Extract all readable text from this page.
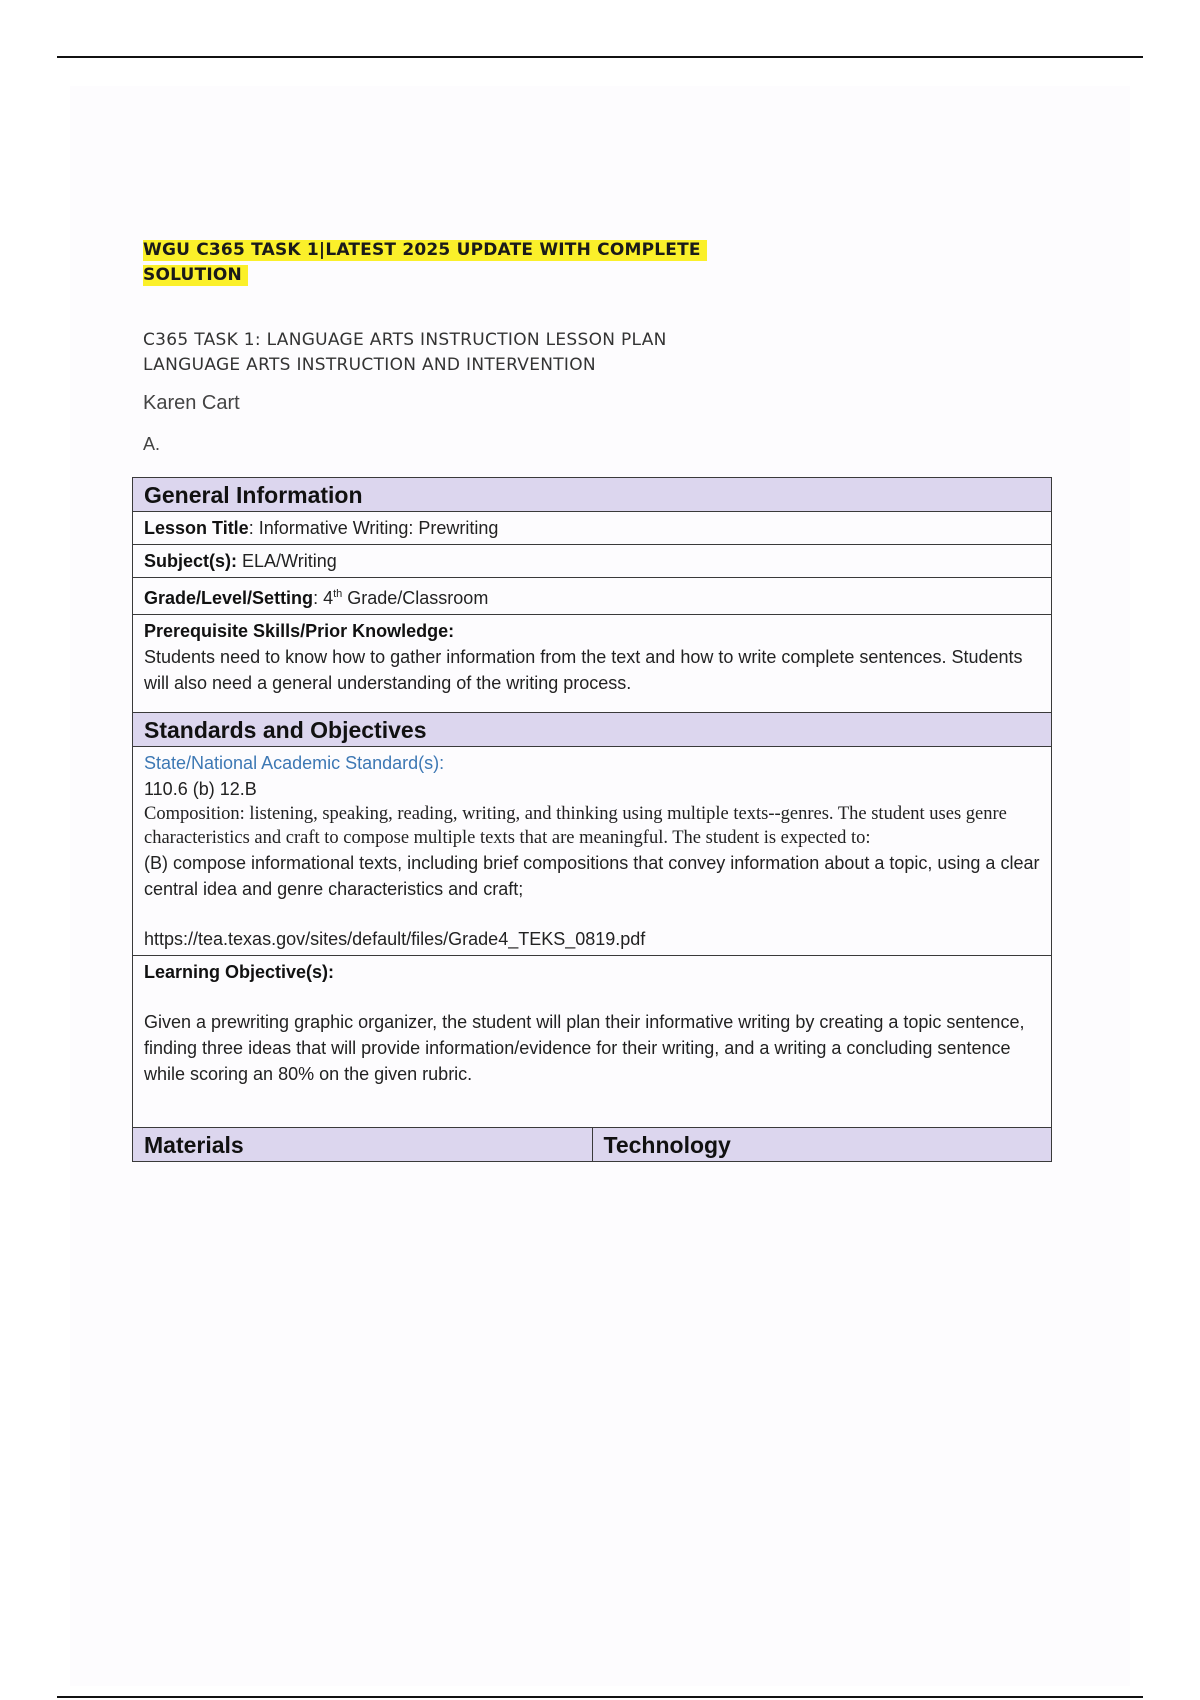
WGU C365 TASK 1|LATEST 2025 UPDATE WITH COMPLETE
SOLUTION
C365 TASK 1: LANGUAGE ARTS INSTRUCTION LESSON PLAN
LANGUAGE ARTS INSTRUCTION AND INTERVENTION
Karen Cart
A.
General Information
Lesson Title: Informative Writing: Prewriting
Subject(s): ELA/Writing
Grade/Level/Setting: 4th Grade/Classroom
Prerequisite Skills/Prior Knowledge:
Students need to know how to gather information from the text and how to write complete sentences. Students will also need a general understanding of the writing process.
Standards and Objectives

State/National Academic Standard(s):
110.6 (b) 12.B
Composition: listening, speaking, reading, writing, and thinking using multiple texts--genres. The student uses genre characteristics and craft to compose multiple texts that are meaningful. The student is expected to:
(B) compose informational texts, including brief compositions that convey information about a topic, using a clear central idea and genre characteristics and craft;
https://tea.texas.gov/sites/default/files/Grade4_TEKS_0819.pdf

Learning Objective(s):
Given a prewriting graphic organizer, the student will plan their informative writing by creating a topic sentence, finding three ideas that will provide information/evidence for their writing, and a writing a concluding sentence while scoring an 80% on the given rubric.

Materials	Technology
